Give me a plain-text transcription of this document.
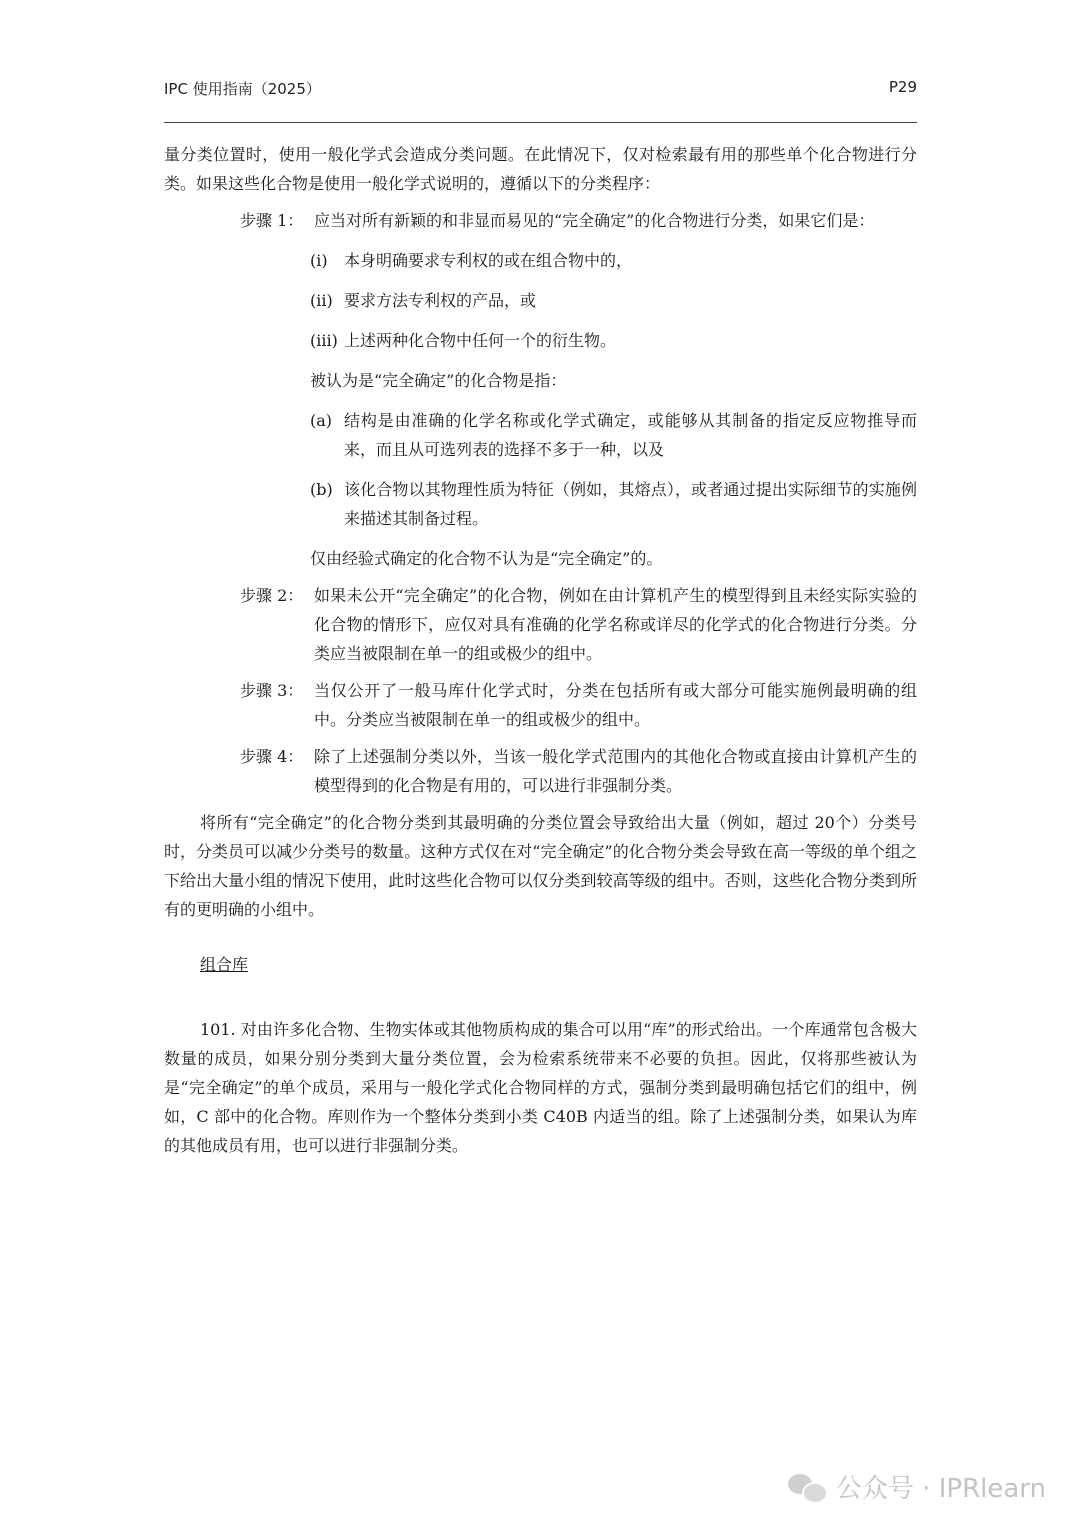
IPC 使用指南（2025）	P29

量分类位置时，使用一般化学式会造成分类问题。在此情况下，仅对检索最有用的那些单个化合物进行分类。如果这些化合物是使用一般化学式说明的，遵循以下的分类程序：

步骤 1： 应当对所有新颖的和非显而易见的“完全确定”的化合物进行分类，如果它们是：
(i)	本身明确要求专利权的或在组合物中的，
(ii) 要求方法专利权的产品，或
(iii) 上述两种化合物中任何一个的衍生物。
被认为是“完全确定”的化合物是指：
(a) 结构是由准确的化学名称或化学式确定，或能够从其制备的指定反应物推导而来，而且从可选列表的选择不多于一种，以及
(b) 该化合物以其物理性质为特征（例如，其熔点），或者通过提出实际细节的实施例来描述其制备过程。
仅由经验式确定的化合物不认为是“完全确定”的。
步骤 2： 如果未公开“完全确定”的化合物，例如在由计算机产生的模型得到且未经实际实验的化合物的情形下，应仅对具有准确的化学名称或详尽的化学式的化合物进行分类。分类应当被限制在单一的组或极少的组中。
步骤 3： 当仅公开了一般马库什化学式时，分类在包括所有或大部分可能实施例最明确的组中。分类应当被限制在单一的组或极少的组中。
步骤 4： 除了上述强制分类以外，当该一般化学式范围内的其他化合物或直接由计算机产生的模型得到的化合物是有用的，可以进行非强制分类。

将所有“完全确定”的化合物分类到其最明确的分类位置会导致给出大量（例如，超过 20个）分类号时，分类员可以减少分类号的数量。这种方式仅在对“完全确定”的化合物分类会导致在高一等级的单个组之下给出大量小组的情况下使用，此时这些化合物可以仅分类到较高等级的组中。否则，这些化合物分类到所有的更明确的小组中。

组合库

101. 对由许多化合物、生物实体或其他物质构成的集合可以用“库”的形式给出。一个库通常包含极大数量的成员，如果分别分类到大量分类位置，会为检索系统带来不必要的负担。因此，仅将那些被认为是“完全确定”的单个成员，采用与一般化学式化合物同样的方式，强制分类到最明确包括它们的组中，例如，C 部中的化合物。库则作为一个整体分类到小类 C40B 内适当的组。除了上述强制分类，如果认为库的其他成员有用，也可以进行非强制分类。

公众号 · IPRlearn
